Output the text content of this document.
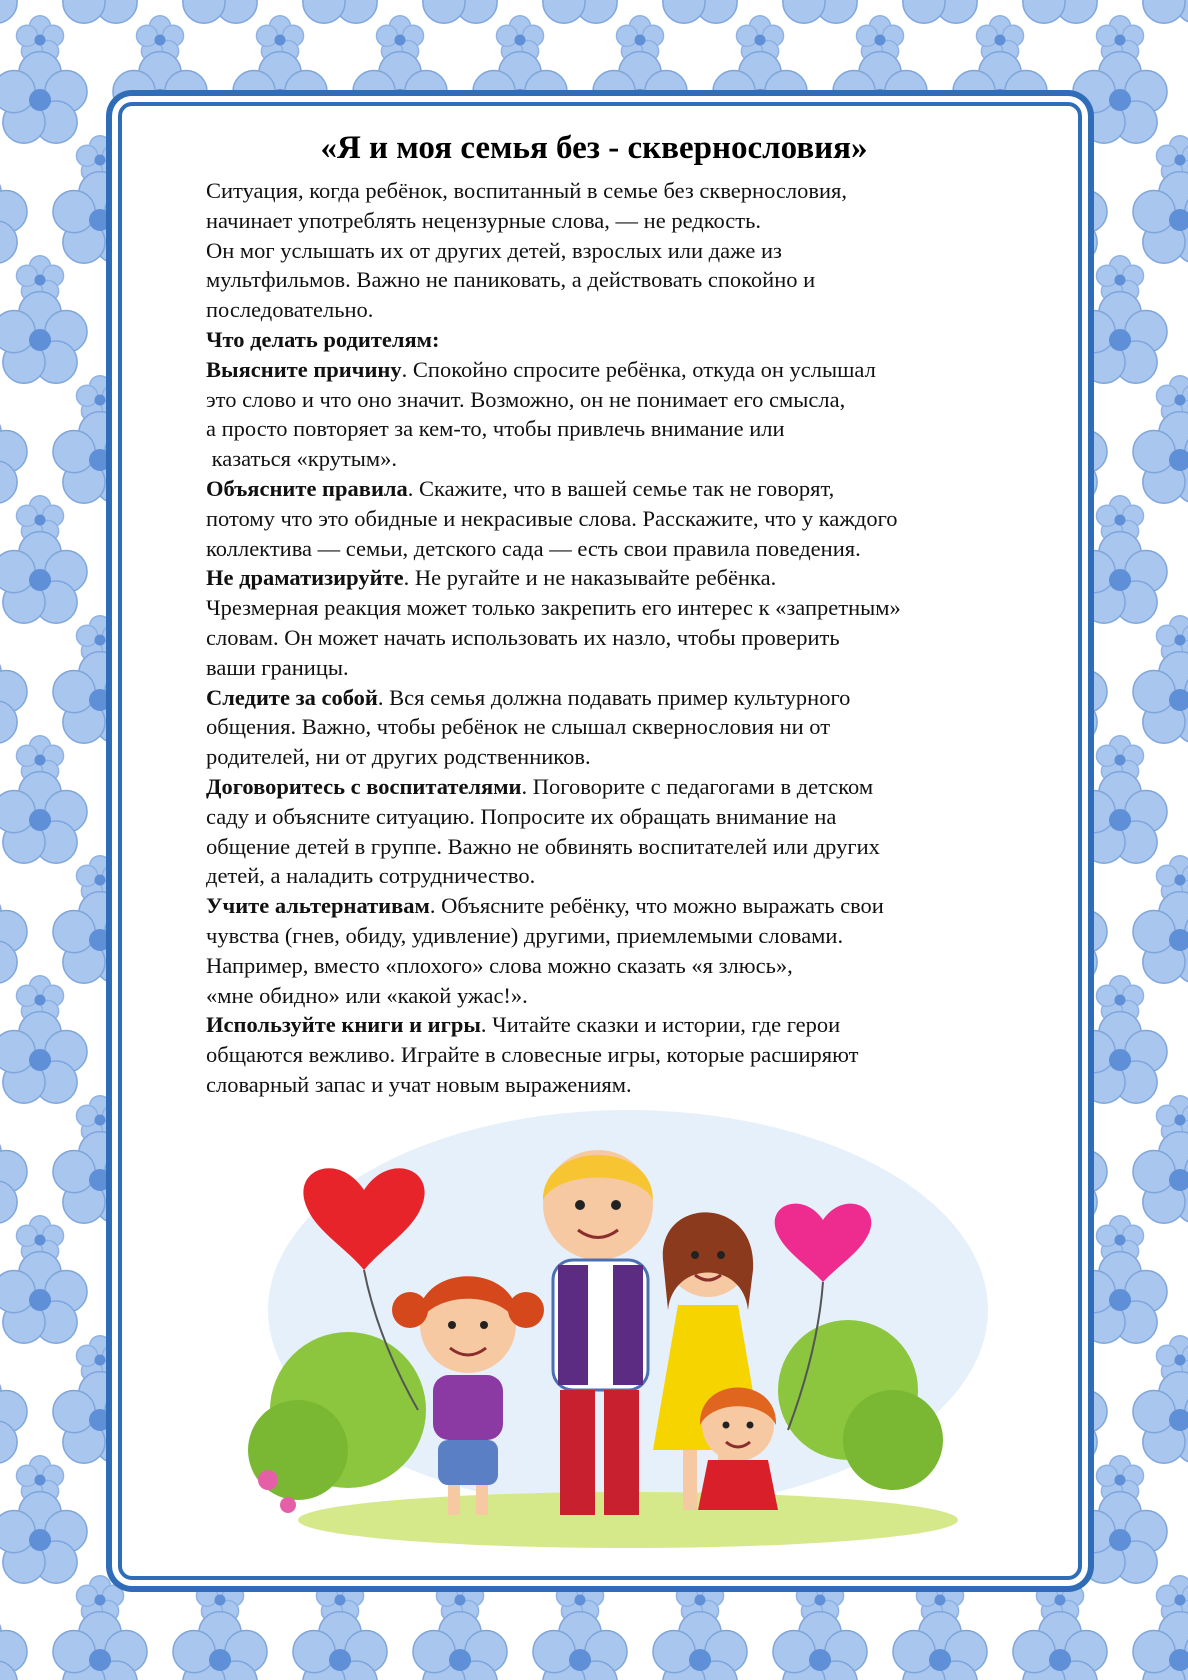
«Я и моя семья без - сквернословия»

Ситуация, когда ребёнок, воспитанный в семье без сквернословия,

начинает употреблять нецензурные слова, — не редкость.

Он мог услышать их от других детей, взрослых или даже из

мультфильмов. Важно не паниковать, а действовать спокойно и

последовательно.

Что делать родителям:

Выясните причину. Спокойно спросите ребёнка, откуда он услышал

это слово и что оно значит. Возможно, он не понимает его смысла,

а просто повторяет за кем-то, чтобы привлечь внимание или

казаться «крутым».

Объясните правила. Скажите, что в вашей семье так не говорят,

потому что это обидные и некрасивые слова. Расскажите, что у каждого

коллектива — семьи, детского сада — есть свои правила поведения.

Не драматизируйте. Не ругайте и не наказывайте ребёнка.

Чрезмерная реакция может только закрепить его интерес к «запретным»

словам. Он может начать использовать их назло, чтобы проверить

ваши границы.

Следите за собой. Вся семья должна подавать пример культурного

общения. Важно, чтобы ребёнок не слышал сквернословия ни от

родителей, ни от других родственников.

Договоритесь с воспитателями. Поговорите с педагогами в детском

саду и объясните ситуацию. Попросите их обращать внимание на

общение детей в группе. Важно не обвинять воспитателей или других

детей, а наладить сотрудничество.

Учите альтернативам. Объясните ребёнку, что можно выражать свои

чувства (гнев, обиду, удивление) другими, приемлемыми словами.

Например, вместо «плохого» слова можно сказать «я злюсь»,

«мне обидно» или «какой ужас!».

Используйте книги и игры. Читайте сказки и истории, где герои

общаются вежливо. Играйте в словесные игры, которые расширяют

словарный запас и учат новым выражениям.
